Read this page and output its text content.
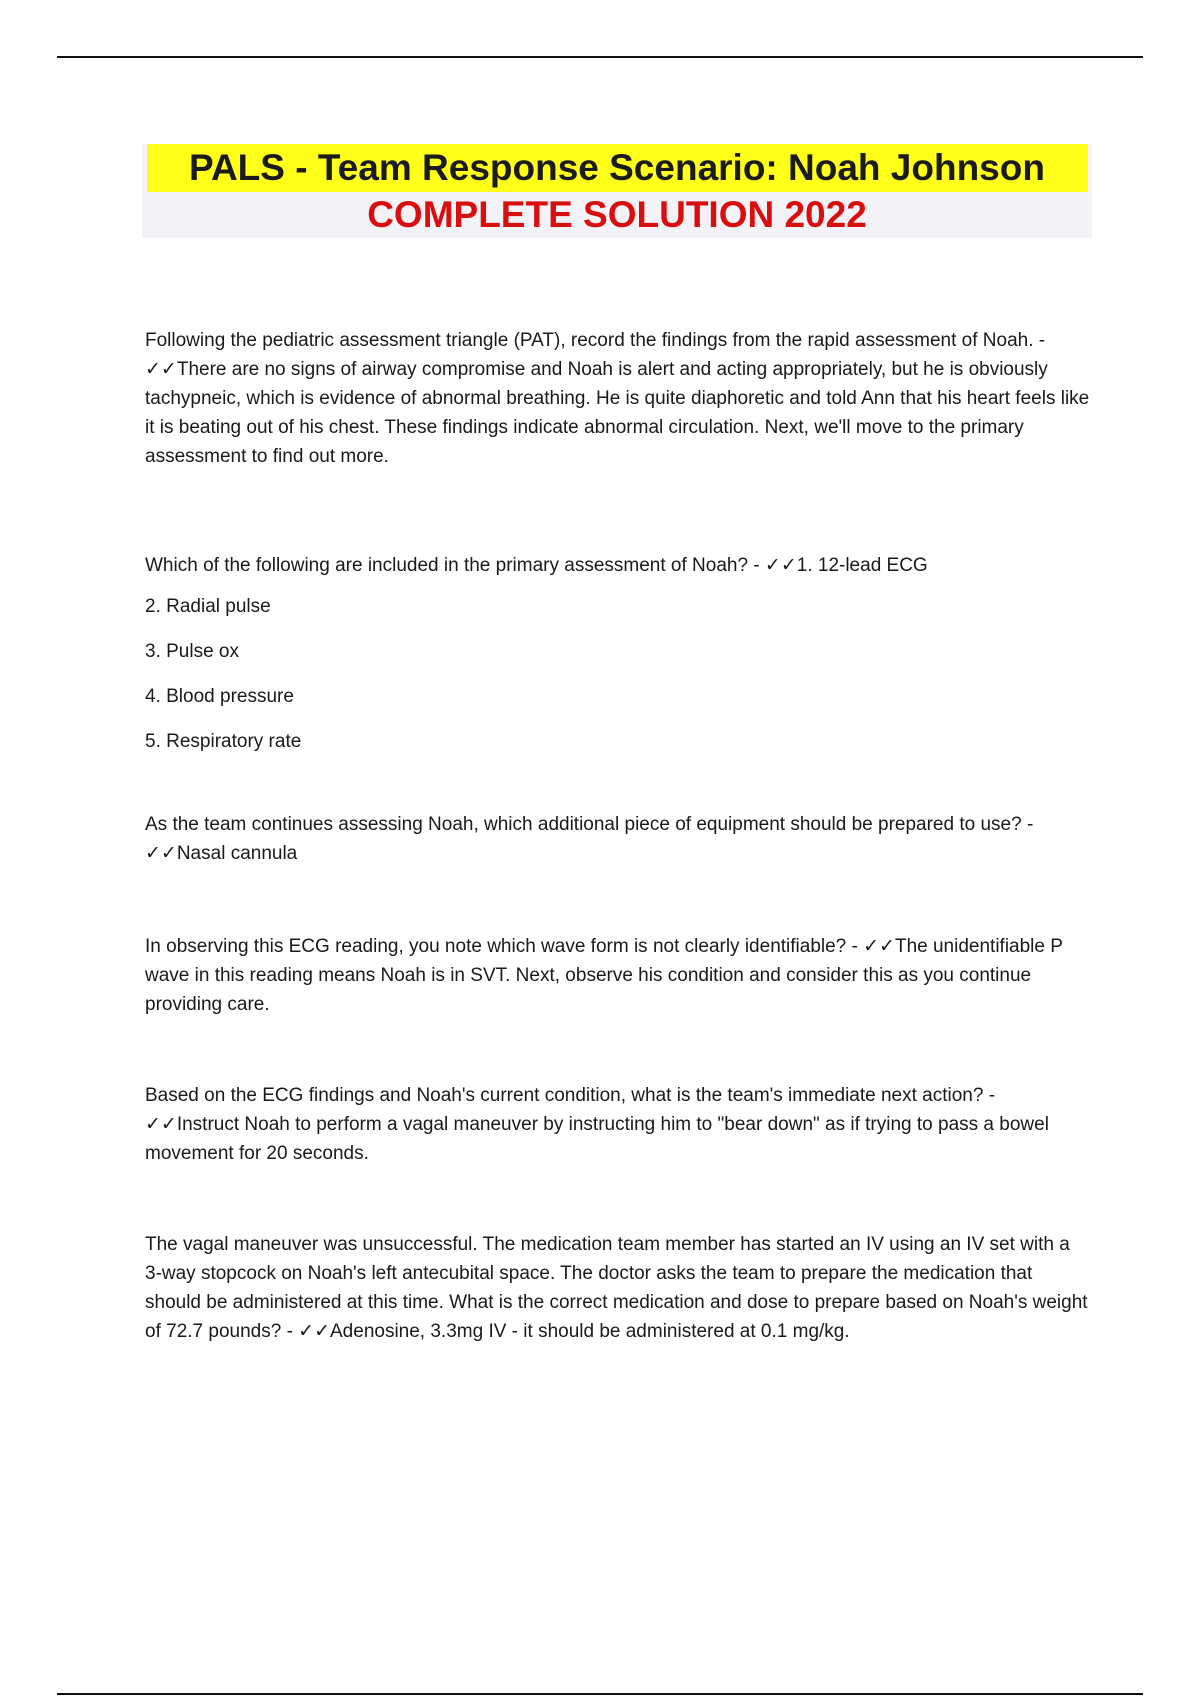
PALS - Team Response Scenario: Noah Johnson
COMPLETE SOLUTION 2022

Following the pediatric assessment triangle (PAT), record the findings from the rapid assessment of Noah. - ✓✓There are no signs of airway compromise and Noah is alert and acting appropriately, but he is obviously tachypneic, which is evidence of abnormal breathing. He is quite diaphoretic and told Ann that his heart feels like it is beating out of his chest. These findings indicate abnormal circulation. Next, we'll move to the primary assessment to find out more.

Which of the following are included in the primary assessment of Noah? - ✓✓1. 12-lead ECG

2. Radial pulse

3. Pulse ox

4. Blood pressure

5. Respiratory rate

As the team continues assessing Noah, which additional piece of equipment should be prepared to use? - ✓✓Nasal cannula

In observing this ECG reading, you note which wave form is not clearly identifiable? - ✓✓The unidentifiable P wave in this reading means Noah is in SVT. Next, observe his condition and consider this as you continue providing care.

Based on the ECG findings and Noah's current condition, what is the team's immediate next action? - ✓✓Instruct Noah to perform a vagal maneuver by instructing him to "bear down" as if trying to pass a bowel movement for 20 seconds.

The vagal maneuver was unsuccessful. The medication team member has started an IV using an IV set with a 3-way stopcock on Noah's left antecubital space. The doctor asks the team to prepare the medication that should be administered at this time. What is the correct medication and dose to prepare based on Noah's weight of 72.7 pounds? - ✓✓Adenosine, 3.3mg IV - it should be administered at 0.1 mg/kg.
